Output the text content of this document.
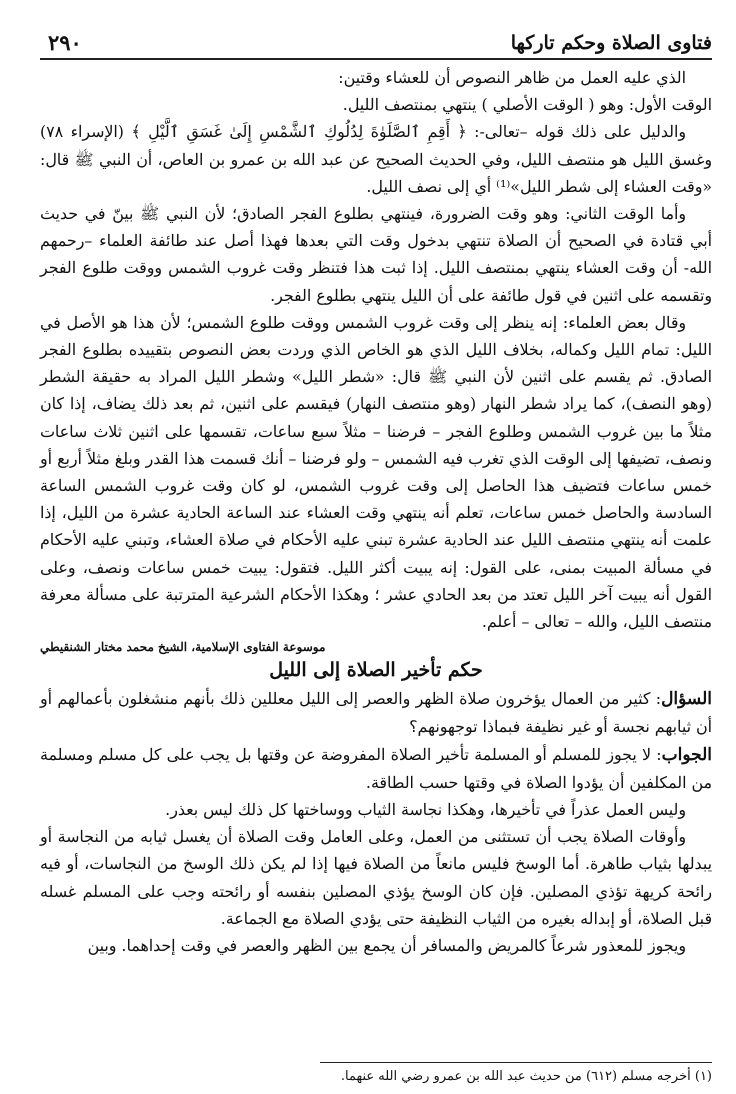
فتاوى الصلاة وحكم تاركها
٢٩٠

الذي عليه العمل من ظاهر النصوص أن للعشاء وقتين:

الوقت الأول: وهو ( الوقت الأصلي ) ينتهي بمنتصف الليل.

والدليل على ذلك قوله –تعالى-: ﴿ أَقِمِ ٱلصَّلَوٰةَ لِدُلُوكِ ٱلشَّمْسِ إِلَىٰ غَسَقِ ٱلَّيْلِ ﴾ (الإسراء ٧٨) وغسق الليل هو منتصف الليل، وفي الحديث الصحيح عن عبد الله بن عمرو بن العاص، أن النبي ﷺ قال: «وقت العشاء إلى شطر الليل»⁽¹⁾ أي إلى نصف الليل.

وأما الوقت الثاني: وهو وقت الضرورة، فينتهي بطلوع الفجر الصادق؛ لأن النبي ﷺ بينّ في حديث أبي قتادة في الصحيح أن الصلاة تنتهي بدخول وقت التي بعدها فهذا أصل عند طائفة العلماء –رحمهم الله- أن وقت العشاء ينتهي بمنتصف الليل. إذا ثبت هذا فتنظر وقت غروب الشمس ووقت طلوع الفجر وتقسمه على اثنين في قول طائفة على أن الليل ينتهي بطلوع الفجر.

وقال بعض العلماء: إنه ينظر إلى وقت غروب الشمس ووقت طلوع الشمس؛ لأن هذا هو الأصل في الليل: تمام الليل وكماله، بخلاف الليل الذي هو الخاص الذي وردت بعض النصوص بتقييده بطلوع الفجر الصادق. ثم يقسم على اثنين لأن النبي ﷺ قال: «شطر الليل» وشطر الليل المراد به حقيقة الشطر (وهو النصف)، كما يراد شطر النهار (وهو منتصف النهار) فيقسم على اثنين، ثم بعد ذلك يضاف، إذا كان مثلاً ما بين غروب الشمس وطلوع الفجر – فرضنا – مثلاً سبع ساعات، تقسمها على اثنين ثلاث ساعات ونصف، تضيفها إلى الوقت الذي تغرب فيه الشمس – ولو فرضنا – أنك قسمت هذا القدر وبلغ مثلاً أربع أو خمس ساعات فتضيف هذا الحاصل إلى وقت غروب الشمس، لو كان وقت غروب الشمس الساعة السادسة والحاصل خمس ساعات، تعلم أنه ينتهي وقت العشاء عند الساعة الحادية عشرة من الليل، إذا علمت أنه ينتهي منتصف الليل عند الحادية عشرة تبني عليه الأحكام في صلاة العشاء، وتبني عليه الأحكام في مسألة المبيت بمنى، على القول: إنه يبيت أكثر الليل. فتقول: يبيت خمس ساعات ونصف، وعلى القول أنه يبيت آخر الليل تعتد من بعد الحادي عشر ؛ وهكذا الأحكام الشرعية المترتبة على مسألة معرفة منتصف الليل، والله – تعالى – أعلم.

موسوعة الفتاوى الإسلامية، الشيخ محمد مختار الشنقيطي
حكم تأخير الصلاة إلى الليل

السؤال: كثير من العمال يؤخرون صلاة الظهر والعصر إلى الليل معللين ذلك بأنهم منشغلون بأعمالهم أو أن ثيابهم نجسة أو غير نظيفة فبماذا توجهونهم؟

الجواب: لا يجوز للمسلم أو المسلمة تأخير الصلاة المفروضة عن وقتها بل يجب على كل مسلم ومسلمة من المكلفين أن يؤدوا الصلاة في وقتها حسب الطاقة.

وليس العمل عذراً في تأخيرها، وهكذا نجاسة الثياب ووساختها كل ذلك ليس بعذر.

وأوقات الصلاة يجب أن تستثنى من العمل، وعلى العامل وقت الصلاة أن يغسل ثيابه من النجاسة أو يبدلها بثياب طاهرة. أما الوسخ فليس مانعاً من الصلاة فيها إذا لم يكن ذلك الوسخ من النجاسات، أو فيه رائحة كريهة تؤذي المصلين. فإن كان الوسخ يؤذي المصلين بنفسه أو رائحته وجب على المسلم غسله قبل الصلاة، أو إبداله بغيره من الثياب النظيفة حتى يؤدي الصلاة مع الجماعة.

ويجوز للمعذور شرعاً كالمريض والمسافر أن يجمع بين الظهر والعصر في وقت إحداهما. وبين

(١) أخرجه مسلم (٦١٢) من حديث عبد الله بن عمرو رضي الله عنهما.
